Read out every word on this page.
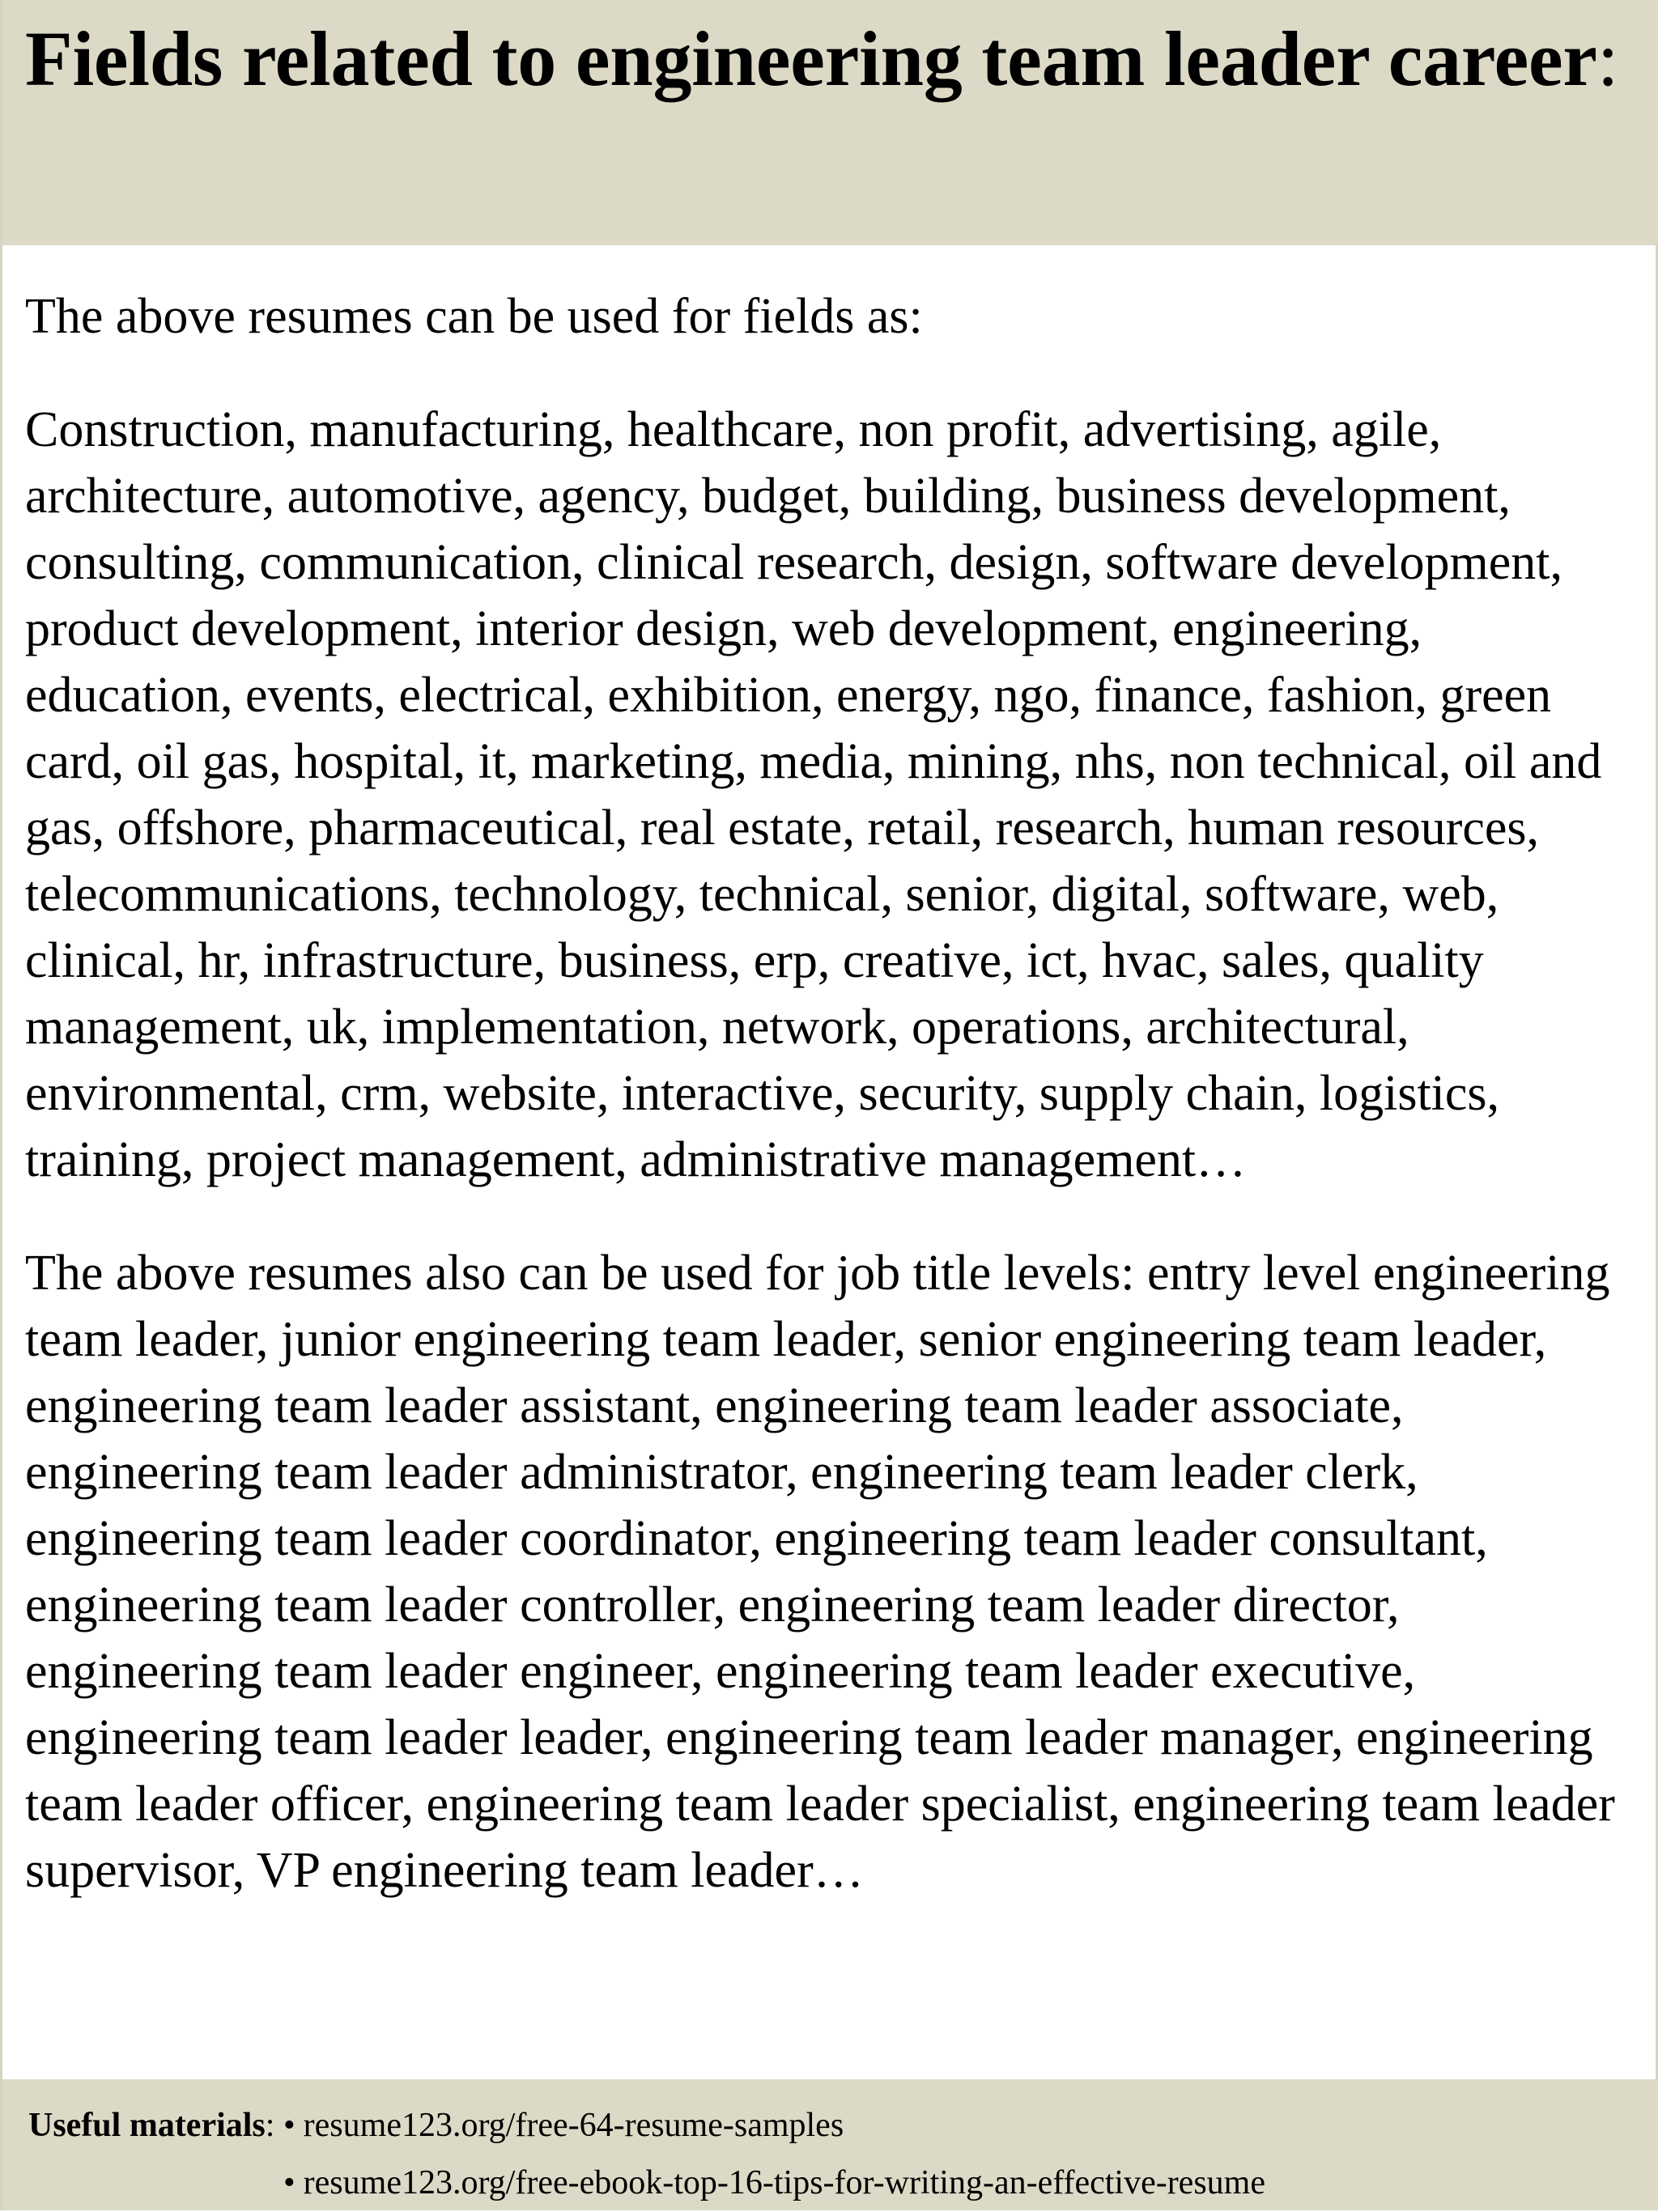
Fields related to engineering team leader career:

The above resumes can be used for fields as:

Construction, manufacturing, healthcare, non profit, advertising, agile, architecture, automotive, agency, budget, building, business development, consulting, communication, clinical research, design, software development, product development, interior design, web development, engineering, education, events, electrical, exhibition, energy, ngo, finance, fashion, green card, oil gas, hospital, it, marketing, media, mining, nhs, non technical, oil and gas, offshore, pharmaceutical, real estate, retail, research, human resources, telecommunications, technology, technical, senior, digital, software, web, clinical, hr, infrastructure, business, erp, creative, ict, hvac, sales, quality management, uk, implementation, network, operations, architectural, environmental, crm, website, interactive, security, supply chain, logistics, training, project management, administrative management…

The above resumes also can be used for job title levels: entry level engineering team leader, junior engineering team leader, senior engineering team leader, engineering team leader assistant, engineering team leader associate, engineering team leader administrator, engineering team leader clerk, engineering team leader coordinator, engineering team leader consultant, engineering team leader controller, engineering team leader director, engineering team leader engineer, engineering team leader executive, engineering team leader leader, engineering team leader manager, engineering team leader officer, engineering team leader specialist, engineering team leader supervisor, VP engineering team leader…

Useful materials: • resume123.org/free-64-resume-samples
• resume123.org/free-ebook-top-16-tips-for-writing-an-effective-resume
